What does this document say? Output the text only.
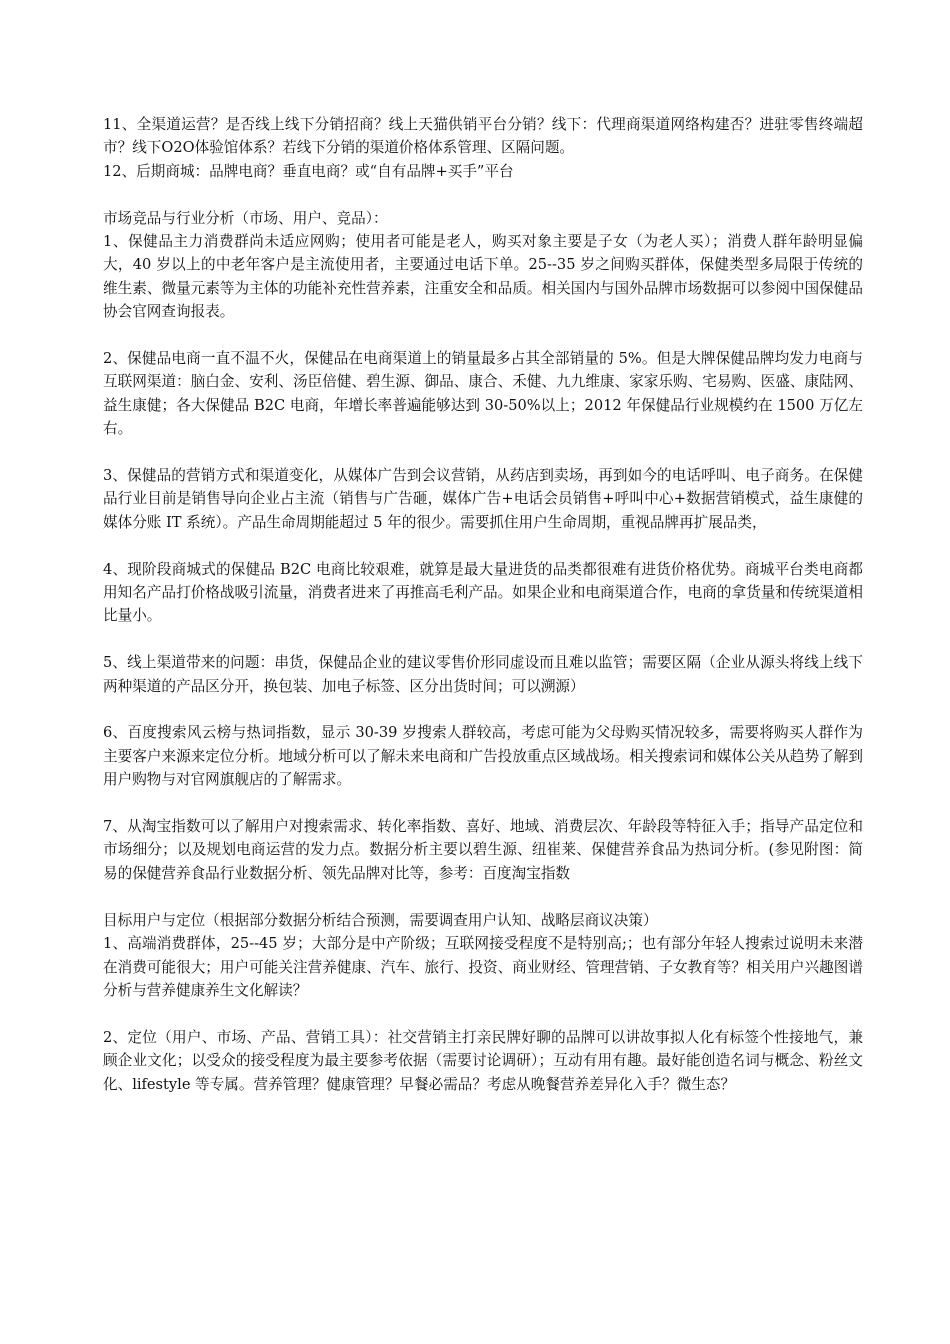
11、全渠道运营？是否线上线下分销招商？线上天猫供销平台分销？线下：代理商渠道网络构建否？进驻零售终端超市？线下O2O体验馆体系？若线下分销的渠道价格体系管理、区隔问题。

12、后期商城：品牌电商？垂直电商？或“自有品牌+买手”平台

市场竞品与行业分析（市场、用户、竞品）：

1、保健品主力消费群尚未适应网购；使用者可能是老人，购买对象主要是子女（为老人买）；消费人群年龄明显偏大，40 岁以上的中老年客户是主流使用者，主要通过电话下单。25--35 岁之间购买群体，保健类型多局限于传统的维生素、微量元素等为主体的功能补充性营养素，注重安全和品质。相关国内与国外品牌市场数据可以参阅中国保健品协会官网查询报表。

2、保健品电商一直不温不火，保健品在电商渠道上的销量最多占其全部销量的 5%。但是大牌保健品牌均发力电商与互联网渠道：脑白金、安利、汤臣倍健、碧生源、御品、康合、禾健、九九维康、家家乐购、宅易购、医盛、康陆网、益生康健；各大保健品 B2C 电商，年增长率普遍能够达到 30-50%以上；2012 年保健品行业规模约在 1500 万亿左右。

3、保健品的营销方式和渠道变化，从媒体广告到会议营销，从药店到卖场，再到如今的电话呼叫、电子商务。在保健品行业目前是销售导向企业占主流（销售与广告砸，媒体广告+电话会员销售+呼叫中心+数据营销模式，益生康健的媒体分账 IT 系统）。产品生命周期能超过 5 年的很少。需要抓住用户生命周期，重视品牌再扩展品类，

4、现阶段商城式的保健品 B2C 电商比较艰难，就算是最大量进货的品类都很难有进货价格优势。商城平台类电商都用知名产品打价格战吸引流量，消费者进来了再推高毛利产品。如果企业和电商渠道合作，电商的拿货量和传统渠道相比量小。

5、线上渠道带来的问题：串货，保健品企业的建议零售价形同虚设而且难以监管；需要区隔（企业从源头将线上线下两种渠道的产品区分开，换包装、加电子标签、区分出货时间；可以溯源）

6、百度搜索风云榜与热词指数，显示 30-39 岁搜索人群较高，考虑可能为父母购买情况较多，需要将购买人群作为主要客户来源来定位分析。地域分析可以了解未来电商和广告投放重点区域战场。相关搜索词和媒体公关从趋势了解到用户购物与对官网旗舰店的了解需求。

7、从淘宝指数可以了解用户对搜索需求、转化率指数、喜好、地域、消费层次、年龄段等特征入手；指导产品定位和市场细分；以及规划电商运营的发力点。数据分析主要以碧生源、纽崔莱、保健营养食品为热词分析。(参见附图：简易的保健营养食品行业数据分析、领先品牌对比等，参考：百度淘宝指数

目标用户与定位（根据部分数据分析结合预测，需要调查用户认知、战略层商议决策）

1、高端消费群体，25--45 岁；大部分是中产阶级；互联网接受程度不是特别高;；也有部分年轻人搜索过说明未来潜在消费可能很大；用户可能关注营养健康、汽车、旅行、投资、商业财经、管理营销、子女教育等？相关用户兴趣图谱分析与营养健康养生文化解读？

2、定位（用户、市场、产品、营销工具）：社交营销主打亲民牌好聊的品牌可以讲故事拟人化有标签个性接地气，兼顾企业文化；以受众的接受程度为最主要参考依据（需要讨论调研）；互动有用有趣。最好能创造名词与概念、粉丝文化、lifestyle 等专属。营养管理？健康管理？早餐必需品？考虑从晚餐营养差异化入手？微生态？
